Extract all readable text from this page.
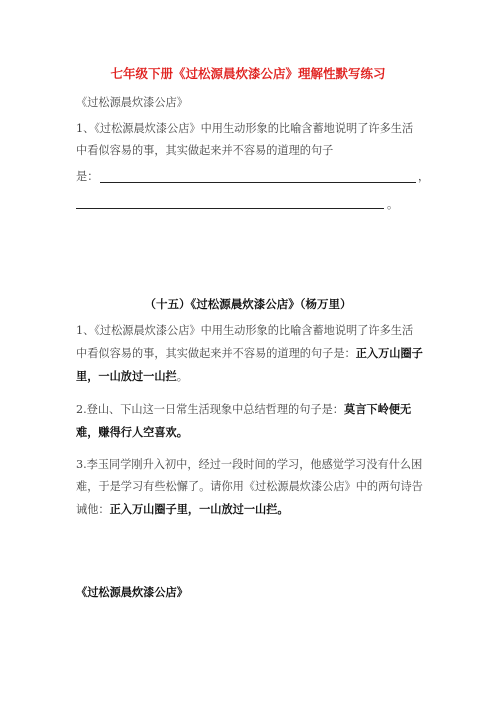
七年级下册《过松源晨炊漆公店》理解性默写练习

《过松源晨炊漆公店》

1、《过松源晨炊漆公店》中用生动形象的比喻含蓄地说明了许多生活中看似容易的事，其实做起来并不容易的道理的句子

是：	，
。
（十五）《过松源晨炊漆公店》（杨万里）

1、《过松源晨炊漆公店》中用生动形象的比喻含蓄地说明了许多生活中看似容易的事，其实做起来并不容易的道理的句子是：正入万山圈子里，一山放过一山拦。

2.登山、下山这一日常生活现象中总结哲理的句子是：莫言下岭便无难，赚得行人空喜欢。

3.李玉同学刚升入初中，经过一段时间的学习，他感觉学习没有什么困难，于是学习有些松懈了。请你用《过松源晨炊漆公店》中的两句诗告诫他：正入万山圈子里，一山放过一山拦。

《过松源晨炊漆公店》
